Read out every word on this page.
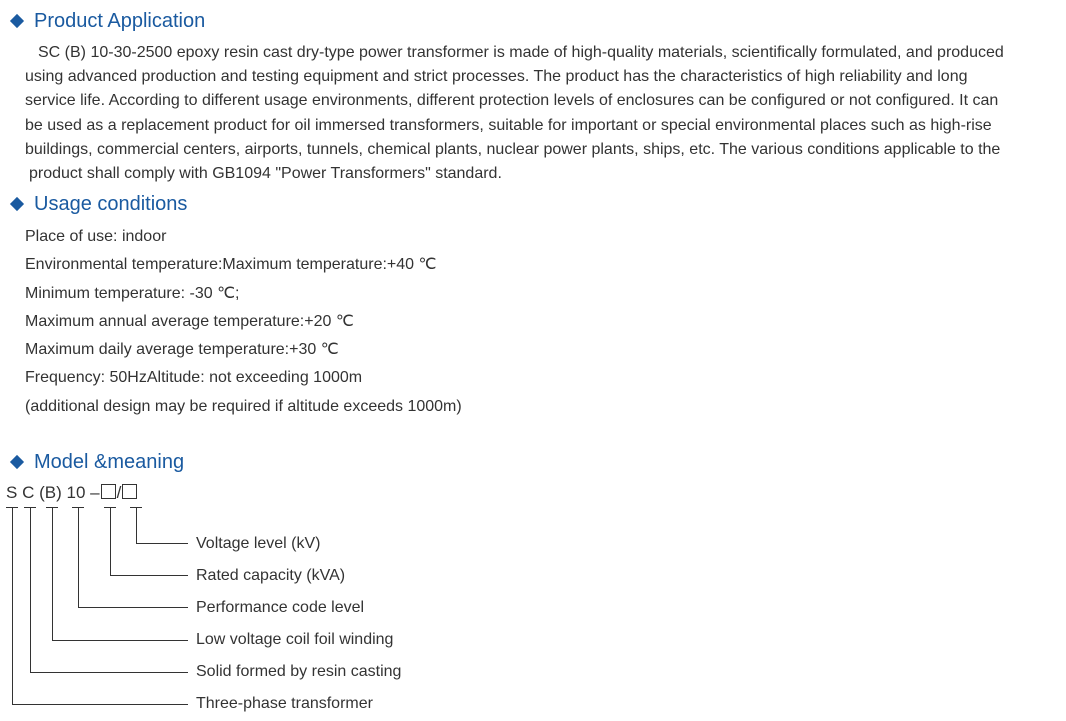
Product Application
SC (B) 10-30-2500 epoxy resin cast dry-type power transformer is made of high-quality materials, scientifically formulated, and produced
using advanced production and testing equipment and strict processes. The product has the characteristics of high reliability and long
service life. According to different usage environments, different protection levels of enclosures can be configured or not configured. It can
be used as a replacement product for oil immersed transformers, suitable for important or special environmental places such as high-rise
buildings, commercial centers, airports, tunnels, chemical plants, nuclear power plants, ships, etc. The various conditions applicable to the
product shall comply with GB1094 "Power Transformers" standard.
Usage conditions
Place of use: indoor
Environmental temperature:Maximum temperature:+40 ℃
Minimum temperature: -30 ℃;
Maximum annual average temperature:+20 ℃
Maximum daily average temperature:+30 ℃
Frequency: 50HzAltitude: not exceeding 1000m
(additional design may be required if altitude exceeds 1000m)
Model &meaning
S C (B) 10 – /
Voltage level (kV)
Rated capacity (kVA)
Performance code level
Low voltage coil foil winding
Solid formed by resin casting
Three-phase transformer
